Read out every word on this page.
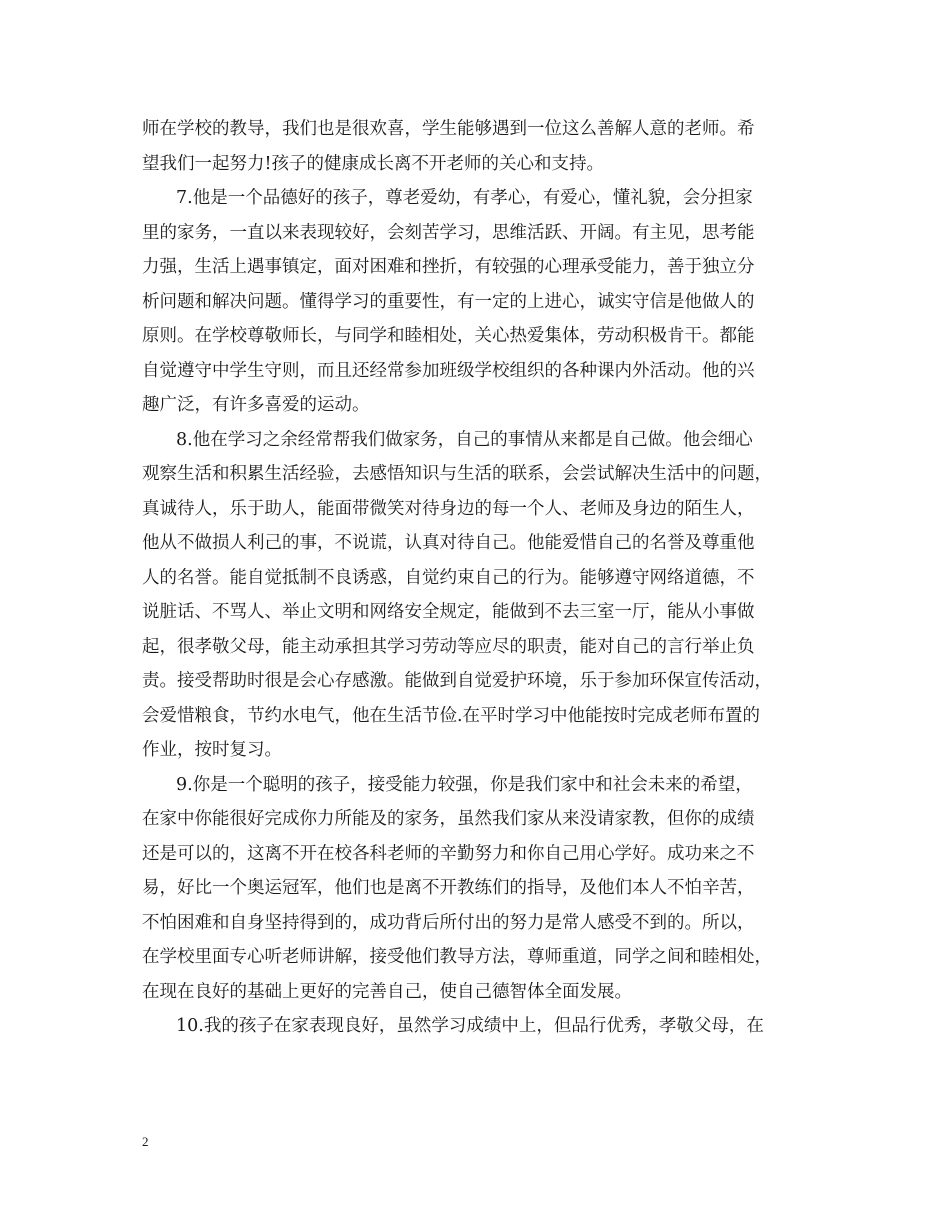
师在学校的教导，我们也是很欢喜，学生能够遇到一位这么善解人意的老师。希
望我们一起努力!孩子的健康成长离不开老师的关心和支持。
7.他是一个品德好的孩子，尊老爱幼，有孝心，有爱心，懂礼貌，会分担家
里的家务，一直以来表现较好，会刻苦学习，思维活跃、开阔。有主见，思考能
力强，生活上遇事镇定，面对困难和挫折，有较强的心理承受能力，善于独立分
析问题和解决问题。懂得学习的重要性，有一定的上进心，诚实守信是他做人的
原则。在学校尊敬师长，与同学和睦相处，关心热爱集体，劳动积极肯干。都能
自觉遵守中学生守则，而且还经常参加班级学校组织的各种课内外活动。他的兴
趣广泛，有许多喜爱的运动。
8.他在学习之余经常帮我们做家务，自己的事情从来都是自己做。他会细心
观察生活和积累生活经验，去感悟知识与生活的联系，会尝试解决生活中的问题，
真诚待人，乐于助人，能面带微笑对待身边的每一个人、老师及身边的陌生人，
他从不做损人利己的事，不说谎，认真对待自己。他能爱惜自己的名誉及尊重他
人的名誉。能自觉抵制不良诱惑，自觉约束自己的行为。能够遵守网络道德，不
说脏话、不骂人、举止文明和网络安全规定，能做到不去三室一厅，能从小事做
起，很孝敬父母，能主动承担其学习劳动等应尽的职责，能对自己的言行举止负
责。接受帮助时很是会心存感激。能做到自觉爱护环境，乐于参加环保宣传活动，
会爱惜粮食，节约水电气，他在生活节俭.在平时学习中他能按时完成老师布置的
作业，按时复习。
9.你是一个聪明的孩子，接受能力较强，你是我们家中和社会未来的希望，
在家中你能很好完成你力所能及的家务，虽然我们家从来没请家教，但你的成绩
还是可以的，这离不开在校各科老师的辛勤努力和你自己用心学好。成功来之不
易，好比一个奥运冠军，他们也是离不开教练们的指导，及他们本人不怕辛苦，
不怕困难和自身坚持得到的，成功背后所付出的努力是常人感受不到的。所以，
在学校里面专心听老师讲解，接受他们教导方法，尊师重道，同学之间和睦相处，
在现在良好的基础上更好的完善自己，使自己德智体全面发展。
10.我的孩子在家表现良好，虽然学习成绩中上，但品行优秀，孝敬父母，在
2
